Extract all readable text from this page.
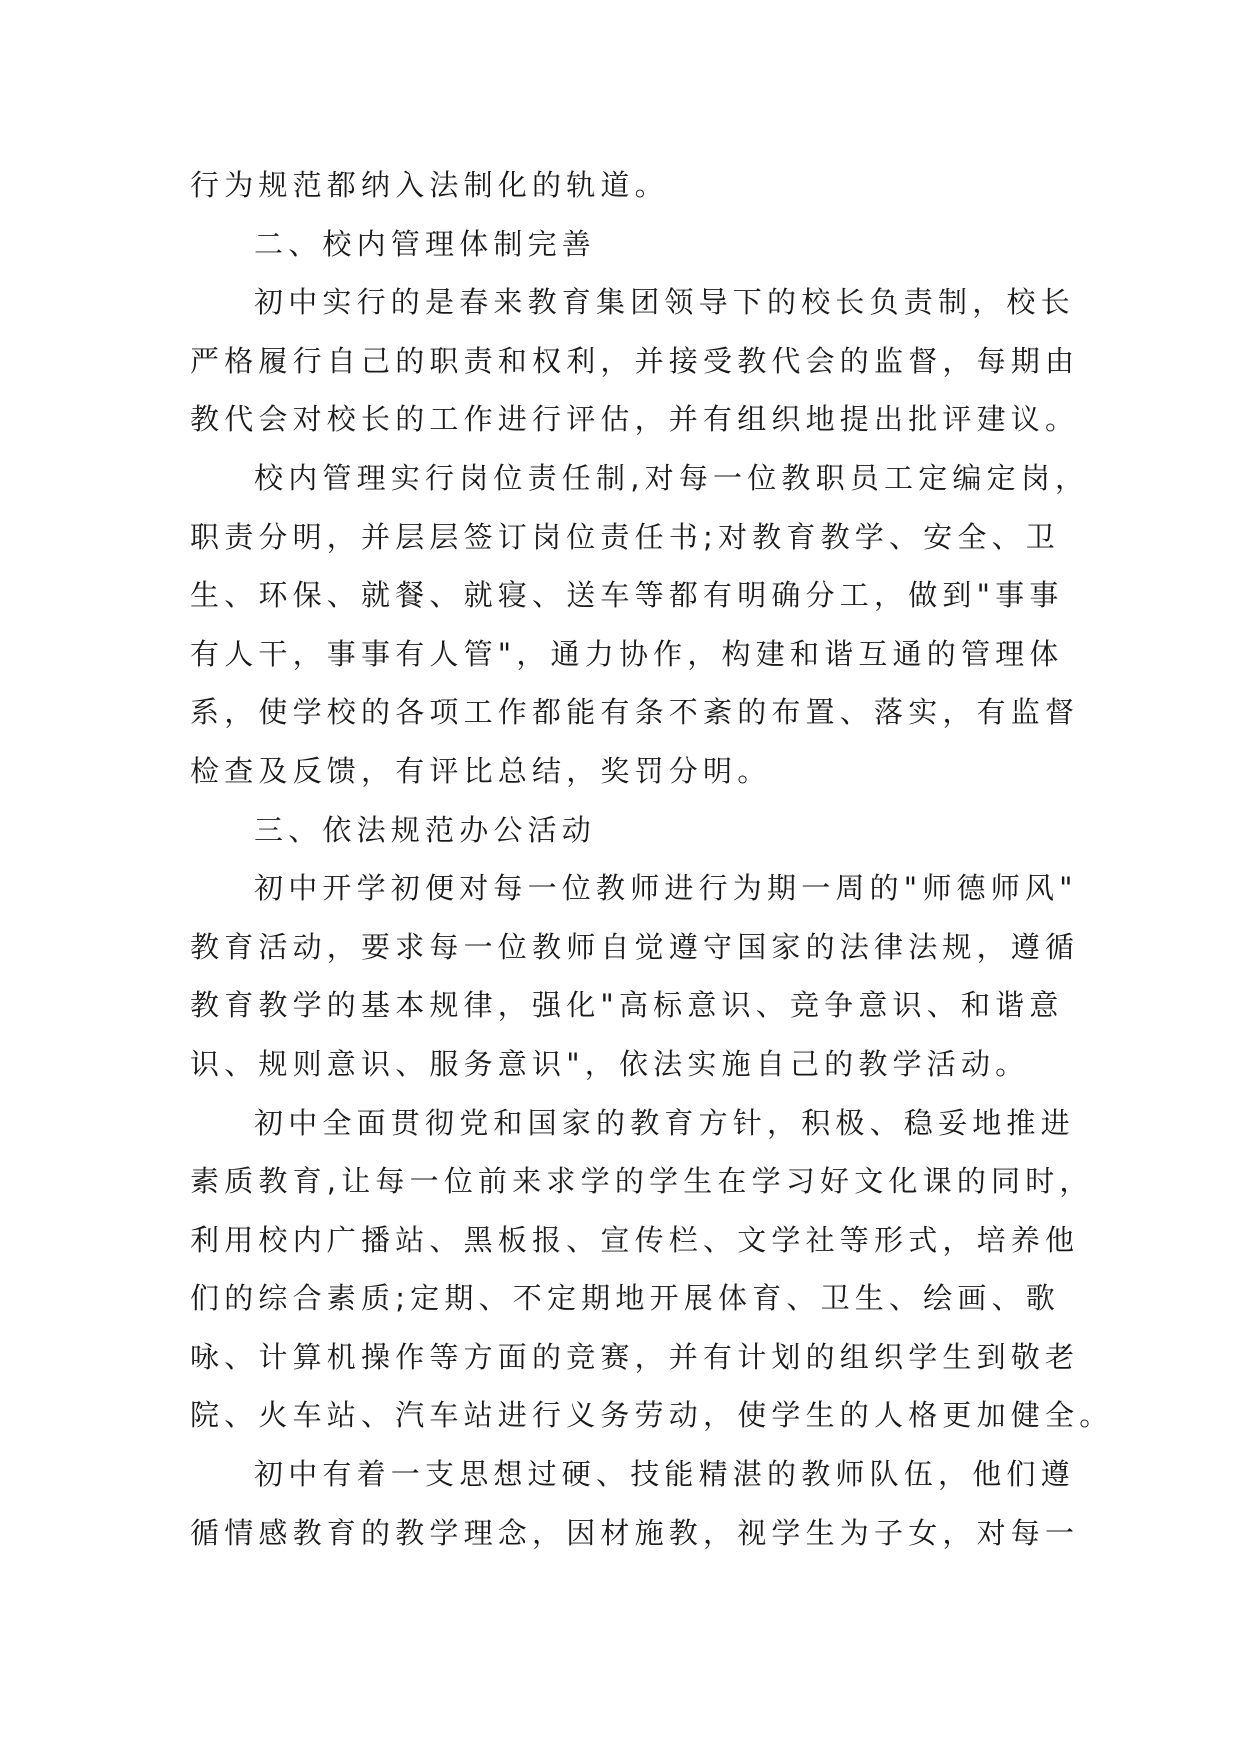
行为规范都纳入法制化的轨道。
二、校内管理体制完善
初中实行的是春来教育集团领导下的校长负责制，校长
严格履行自己的职责和权利，并接受教代会的监督，每期由
教代会对校长的工作进行评估，并有组织地提出批评建议。
校内管理实行岗位责任制,对每一位教职员工定编定岗，
职责分明，并层层签订岗位责任书;对教育教学、安全、卫
生、环保、就餐、就寝、送车等都有明确分工，做到"事事
有人干，事事有人管"，通力协作，构建和谐互通的管理体
系，使学校的各项工作都能有条不紊的布置、落实，有监督
检查及反馈，有评比总结，奖罚分明。
三、依法规范办公活动
初中开学初便对每一位教师进行为期一周的"师德师风"
教育活动，要求每一位教师自觉遵守国家的法律法规，遵循
教育教学的基本规律，强化"高标意识、竞争意识、和谐意
识、规则意识、服务意识"，依法实施自己的教学活动。
初中全面贯彻党和国家的教育方针，积极、稳妥地推进
素质教育,让每一位前来求学的学生在学习好文化课的同时，
利用校内广播站、黑板报、宣传栏、文学社等形式，培养他
们的综合素质;定期、不定期地开展体育、卫生、绘画、歌
咏、计算机操作等方面的竞赛，并有计划的组织学生到敬老
院、火车站、汽车站进行义务劳动，使学生的人格更加健全。
初中有着一支思想过硬、技能精湛的教师队伍，他们遵
循情感教育的教学理念，因材施教，视学生为子女，对每一
